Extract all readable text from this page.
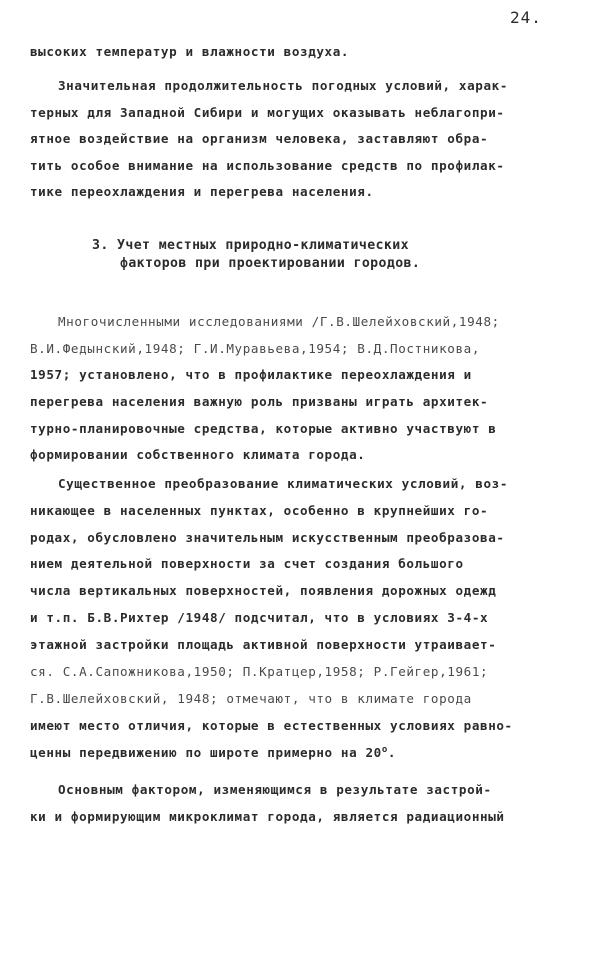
24.
высоких температур и влажности воздуха.
Значительная продолжительность погодных условий, харак-
терных для Западной Сибири и могущих оказывать неблагопри-
ятное воздействие на организм человека, заставляют обра-
тить особое внимание на использование средств по профилак-
тике переохлаждения и перегрева населения.
3. Учет местных природно-климатических
факторов при проектировании городов.
Многочисленными исследованиями /Г.В.Шелейховский,1948;
В.И.Федынский,1948; Г.И.Муравьева,1954; В.Д.Постникова,
1957; установлено, что в профилактике переохлаждения и
перегрева населения важную роль призваны играть архитек-
турно-планировочные средства, которые активно участвуют в
формировании собственного климата города.
Существенное преобразование климатических условий, воз-
никающее в населенных пунктах, особенно в крупнейших го-
родах, обусловлено значительным искусственным преобразова-
нием деятельной поверхности за счет создания большого
числа вертикальных поверхностей, появления дорожных одежд
и т.п. Б.В.Рихтер /1948/ подсчитал, что в условиях 3-4-х
этажной застройки площадь активной поверхности утраивает-
ся. С.А.Сапожникова,1950; П.Кратцер,1958; Р.Гейгер,1961;
Г.В.Шелейховский, 1948; отмечают, что в климате города
имеют место отличия, которые в естественных условиях равно-
ценны передвижению по широте примерно на $20^о$.
Основным фактором, изменяющимся в результате застрой-
ки и формирующим микроклимат города, является радиационный
